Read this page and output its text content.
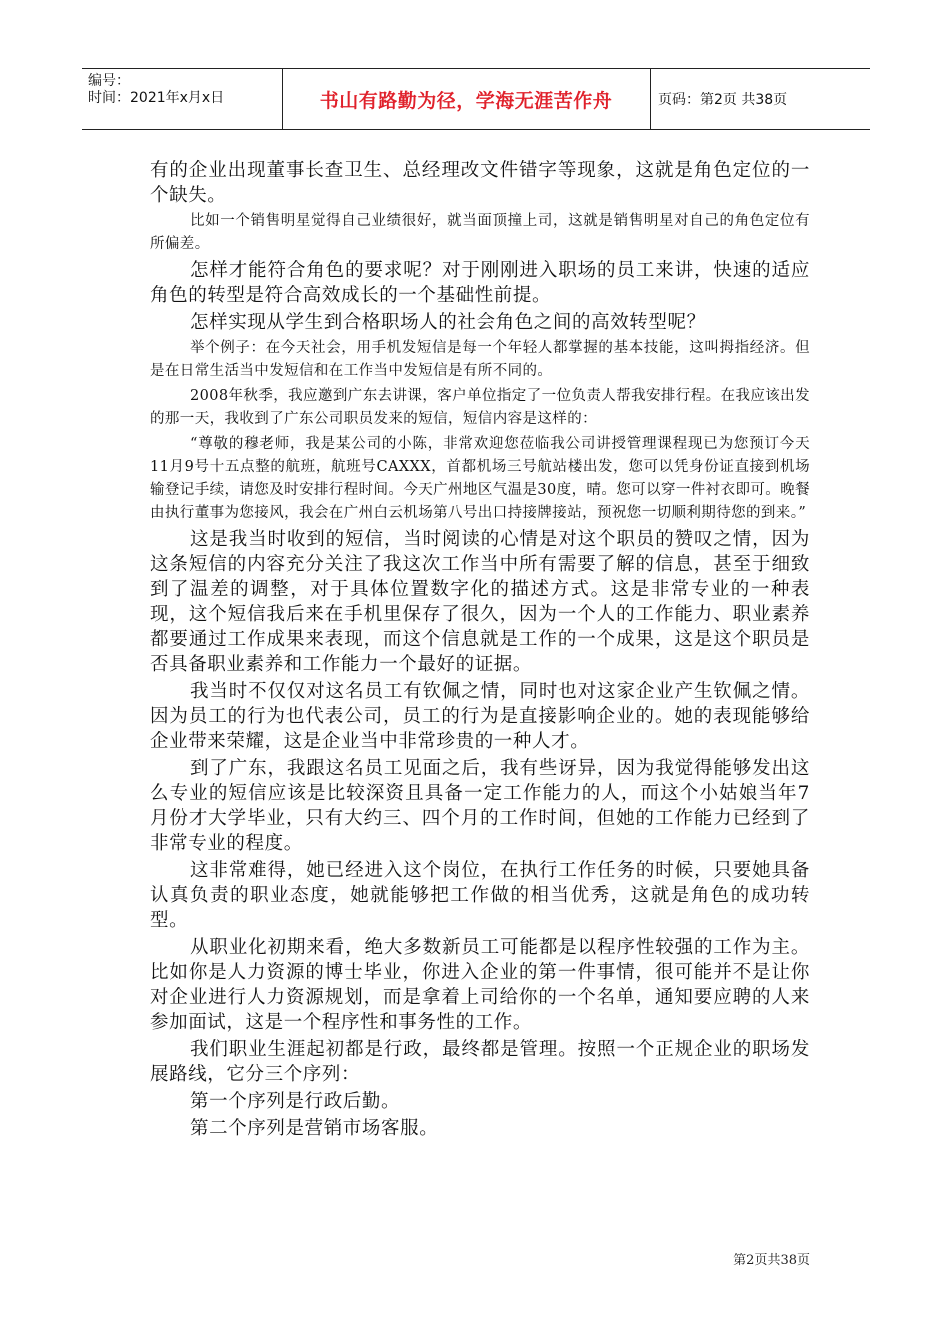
编号：
时间：2021年x月x日	书山有路勤为径，学海无涯苦作舟	页码：第2页 共38页

有的企业出现董事长查卫生、总经理改文件错字等现象，这就是角色定位的一个缺失。

比如一个销售明星觉得自己业绩很好，就当面顶撞上司，这就是销售明星对自己的角色定位有所偏差。

怎样才能符合角色的要求呢？对于刚刚进入职场的员工来讲，快速的适应角色的转型是符合高效成长的一个基础性前提。

怎样实现从学生到合格职场人的社会角色之间的高效转型呢？

举个例子：在今天社会，用手机发短信是每一个年轻人都掌握的基本技能，这叫拇指经济。但是在日常生活当中发短信和在工作当中发短信是有所不同的。

2008年秋季，我应邀到广东去讲课，客户单位指定了一位负责人帮我安排行程。在我应该出发的那一天，我收到了广东公司职员发来的短信，短信内容是这样的：

“尊敬的穆老师，我是某公司的小陈，非常欢迎您莅临我公司讲授管理课程现已为您预订今天11月9号十五点整的航班，航班号CAXXX，首都机场三号航站楼出发，您可以凭身份证直接到机场输登记手续，请您及时安排行程时间。今天广州地区气温是30度，晴。您可以穿一件衬衣即可。晚餐由执行董事为您接风，我会在广州白云机场第八号出口持接牌接站，预祝您一切顺利期待您的到来。”

这是我当时收到的短信，当时阅读的心情是对这个职员的赞叹之情，因为这条短信的内容充分关注了我这次工作当中所有需要了解的信息，甚至于细致到了温差的调整，对于具体位置数字化的描述方式。这是非常专业的一种表现，这个短信我后来在手机里保存了很久，因为一个人的工作能力、职业素养都要通过工作成果来表现，而这个信息就是工作的一个成果，这是这个职员是否具备职业素养和工作能力一个最好的证据。

我当时不仅仅对这名员工有钦佩之情，同时也对这家企业产生钦佩之情。因为员工的行为也代表公司，员工的行为是直接影响企业的。她的表现能够给企业带来荣耀，这是企业当中非常珍贵的一种人才。

到了广东，我跟这名员工见面之后，我有些讶异，因为我觉得能够发出这么专业的短信应该是比较深资且具备一定工作能力的人，而这个小姑娘当年7月份才大学毕业，只有大约三、四个月的工作时间，但她的工作能力已经到了非常专业的程度。

这非常难得，她已经进入这个岗位，在执行工作任务的时候，只要她具备认真负责的职业态度，她就能够把工作做的相当优秀，这就是角色的成功转型。

从职业化初期来看，绝大多数新员工可能都是以程序性较强的工作为主。比如你是人力资源的博士毕业，你进入企业的第一件事情，很可能并不是让你对企业进行人力资源规划，而是拿着上司给你的一个名单，通知要应聘的人来参加面试，这是一个程序性和事务性的工作。

我们职业生涯起初都是行政，最终都是管理。按照一个正规企业的职场发展路线，它分三个序列：

第一个序列是行政后勤。

第二个序列是营销市场客服。

第2页共38页
